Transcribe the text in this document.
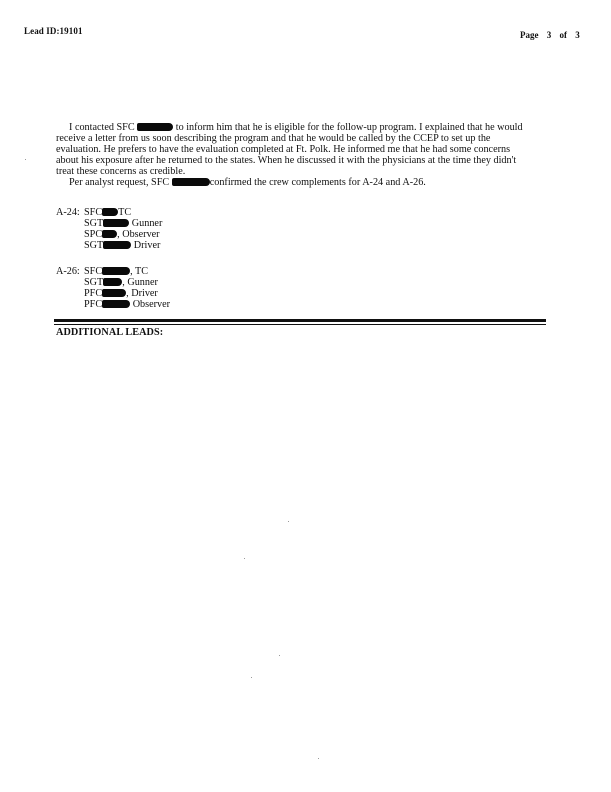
Lead ID:19101	Page 3 of 3
I contacted SFC	to inform him that he is eligible for the follow-up program. I explained that he would
receive a letter from us soon describing the program and that he would be called by the CCEP to set up the
evaluation. He prefers to have the evaluation completed at Ft. Polk. He informed me that he had some concerns
about his exposure after he returned to the states. When he discussed it with the physicians at the time they didn't
treat these concerns as credible.
Per analyst request, SFC	confirmed the crew complements for A-24 and A-26.
A-24: SFC TC
SGT	Gunner
SPC , Observer
SGT	Driver
A-26: SFC	, TC
SGT , Gunner
PFC , Driver
PFC	Observer
ADDITIONAL LEADS:
